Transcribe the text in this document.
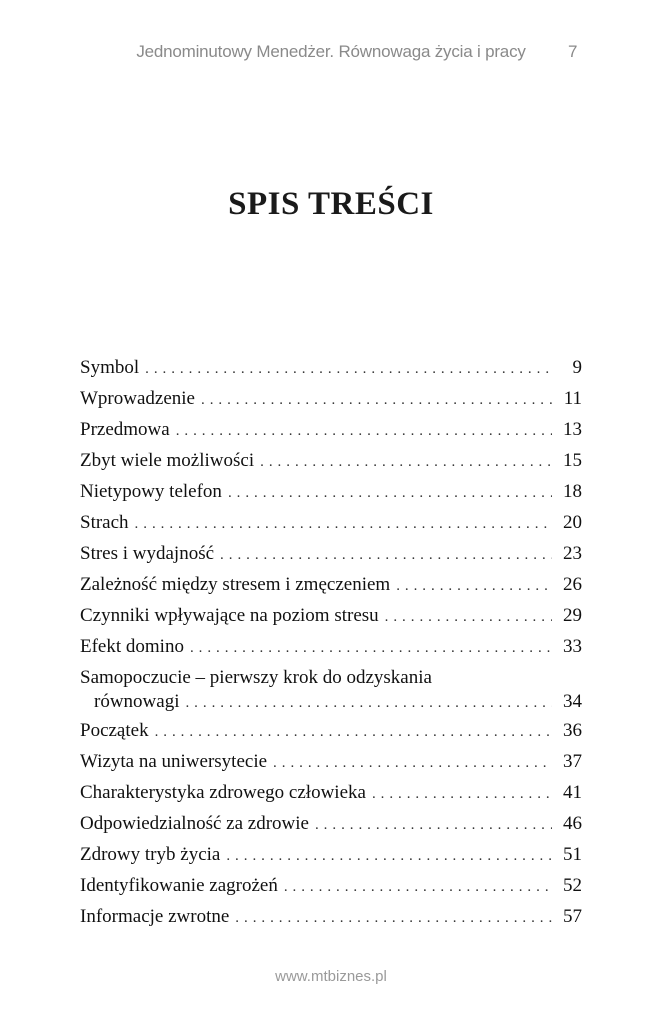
Jednominutowy Menedżer. Równowaga życia i pracy	7
SPIS TREŚCI
Symbol . . .	9
Wprowadzenie . . .	11
Przedmowa . . .	13
Zbyt wiele możliwości . . .	15
Nietypowy telefon . . .	18
Strach . . .	20
Stres i wydajność . . .	23
Zależność między stresem i zmęczeniem . . .	26
Czynniki wpływające na poziom stresu . . .	29
Efekt domino . . .	33
Samopoczucie – pierwszy krok do odzyskania
równowagi . . .	34
Początek . . .	36
Wizyta na uniwersytecie . . .	37
Charakterystyka zdrowego człowieka . . .	41
Odpowiedzialność za zdrowie . . .	46
Zdrowy tryb życia . . .	51
Identyfikowanie zagrożeń . . .	52
Informacje zwrotne . . .	57
www.mtbiznes.pl
